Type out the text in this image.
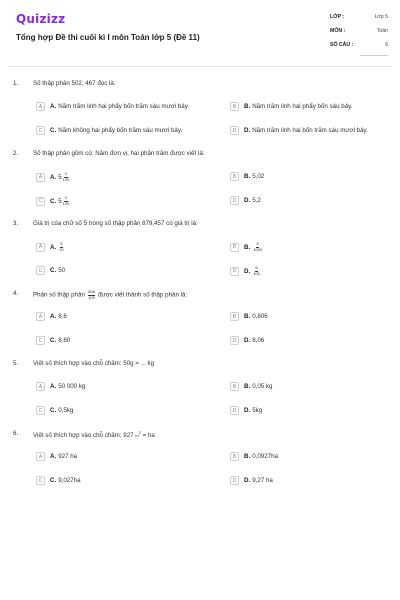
Quizizz
Tổng hợp Đề thi cuối kì I môn Toán lớp 5 (Đề 11)
LỚP :	Lớp 5
MÔN :	Toán
SỐ CÂU :	6
1.	Số thập phân 502, 467 đọc là:
A	A. Năm trăm linh hai phẩy bốn trăm sáu mươi bảy.	B	B. Năm trăm linh hai phẩy bốn sáu bảy.
C	C. Năm không hai phẩy bốn trăm sáu mươi bảy.	D	D. Năm trăm linh hai bốn trăm sáu mươi bảy.
2.	Số thập phân gồm có: Năm đơn vị, hai phần trăm được viết là:
A	A. $5 \frac{2}{100}$	B	B. 5,02
C	C. $5 \frac{2}{100}$	D	D. 5,2
3.	Giá trị của chữ số 5 trong số thập phân 879,457 có giá trị là:
A	A. $\frac{5}{10}$	B	B. $\frac{5}{1000}$
C	C. 50	D	D. $\frac{5}{100}$
4.	Phân số thập phân $\frac{806}{100}$ được viết thành số thập phân là:
A	A. 8,6	B	B. 0,806
C	C. 8,60	D	D. 8,06
5.	Viết số thích hợp vào chỗ chấm: 50g = ... kg
A	A. 50 000 kg	B	B. 0,05 kg
C	C. 0,5kg	D	D. 5kg
6.	Viết số thích hợp vào chỗ chấm: 927 $m^2$ = ha
A	A. 927 ha	B	B. 0,0927ha
C	C. 9,027ha	D	D. 9,27 ha
